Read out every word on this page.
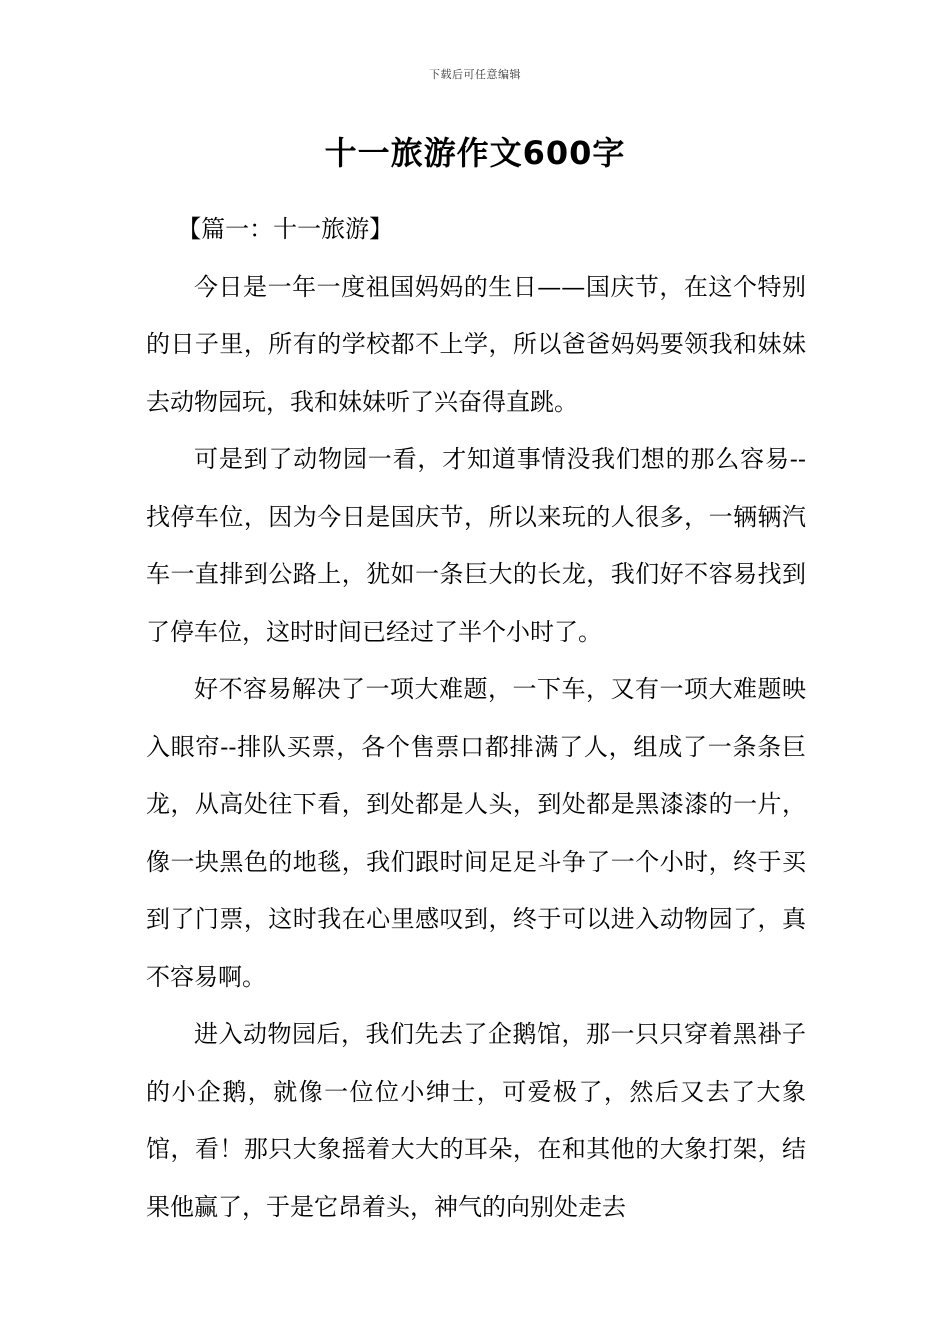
下载后可任意编辑
十一旅游作文600字

【篇一：十一旅游】

今日是一年一度祖国妈妈的生日——国庆节，在这个特别的日子里，所有的学校都不上学，所以爸爸妈妈要领我和妹妹去动物园玩，我和妹妹听了兴奋得直跳。

可是到了动物园一看，才知道事情没我们想的那么容易--找停车位，因为今日是国庆节，所以来玩的人很多，一辆辆汽车一直排到公路上，犹如一条巨大的长龙，我们好不容易找到了停车位，这时时间已经过了半个小时了。

好不容易解决了一项大难题，一下车，又有一项大难题映入眼帘--排队买票，各个售票口都排满了人，组成了一条条巨龙，从高处往下看，到处都是人头，到处都是黑漆漆的一片，像一块黑色的地毯，我们跟时间足足斗争了一个小时，终于买到了门票，这时我在心里感叹到，终于可以进入动物园了，真不容易啊。

进入动物园后，我们先去了企鹅馆，那一只只穿着黑褂子的小企鹅，就像一位位小绅士，可爱极了，然后又去了大象馆，看！那只大象摇着大大的耳朵，在和其他的大象打架，结果他赢了，于是它昂着头，神气的向别处走去
